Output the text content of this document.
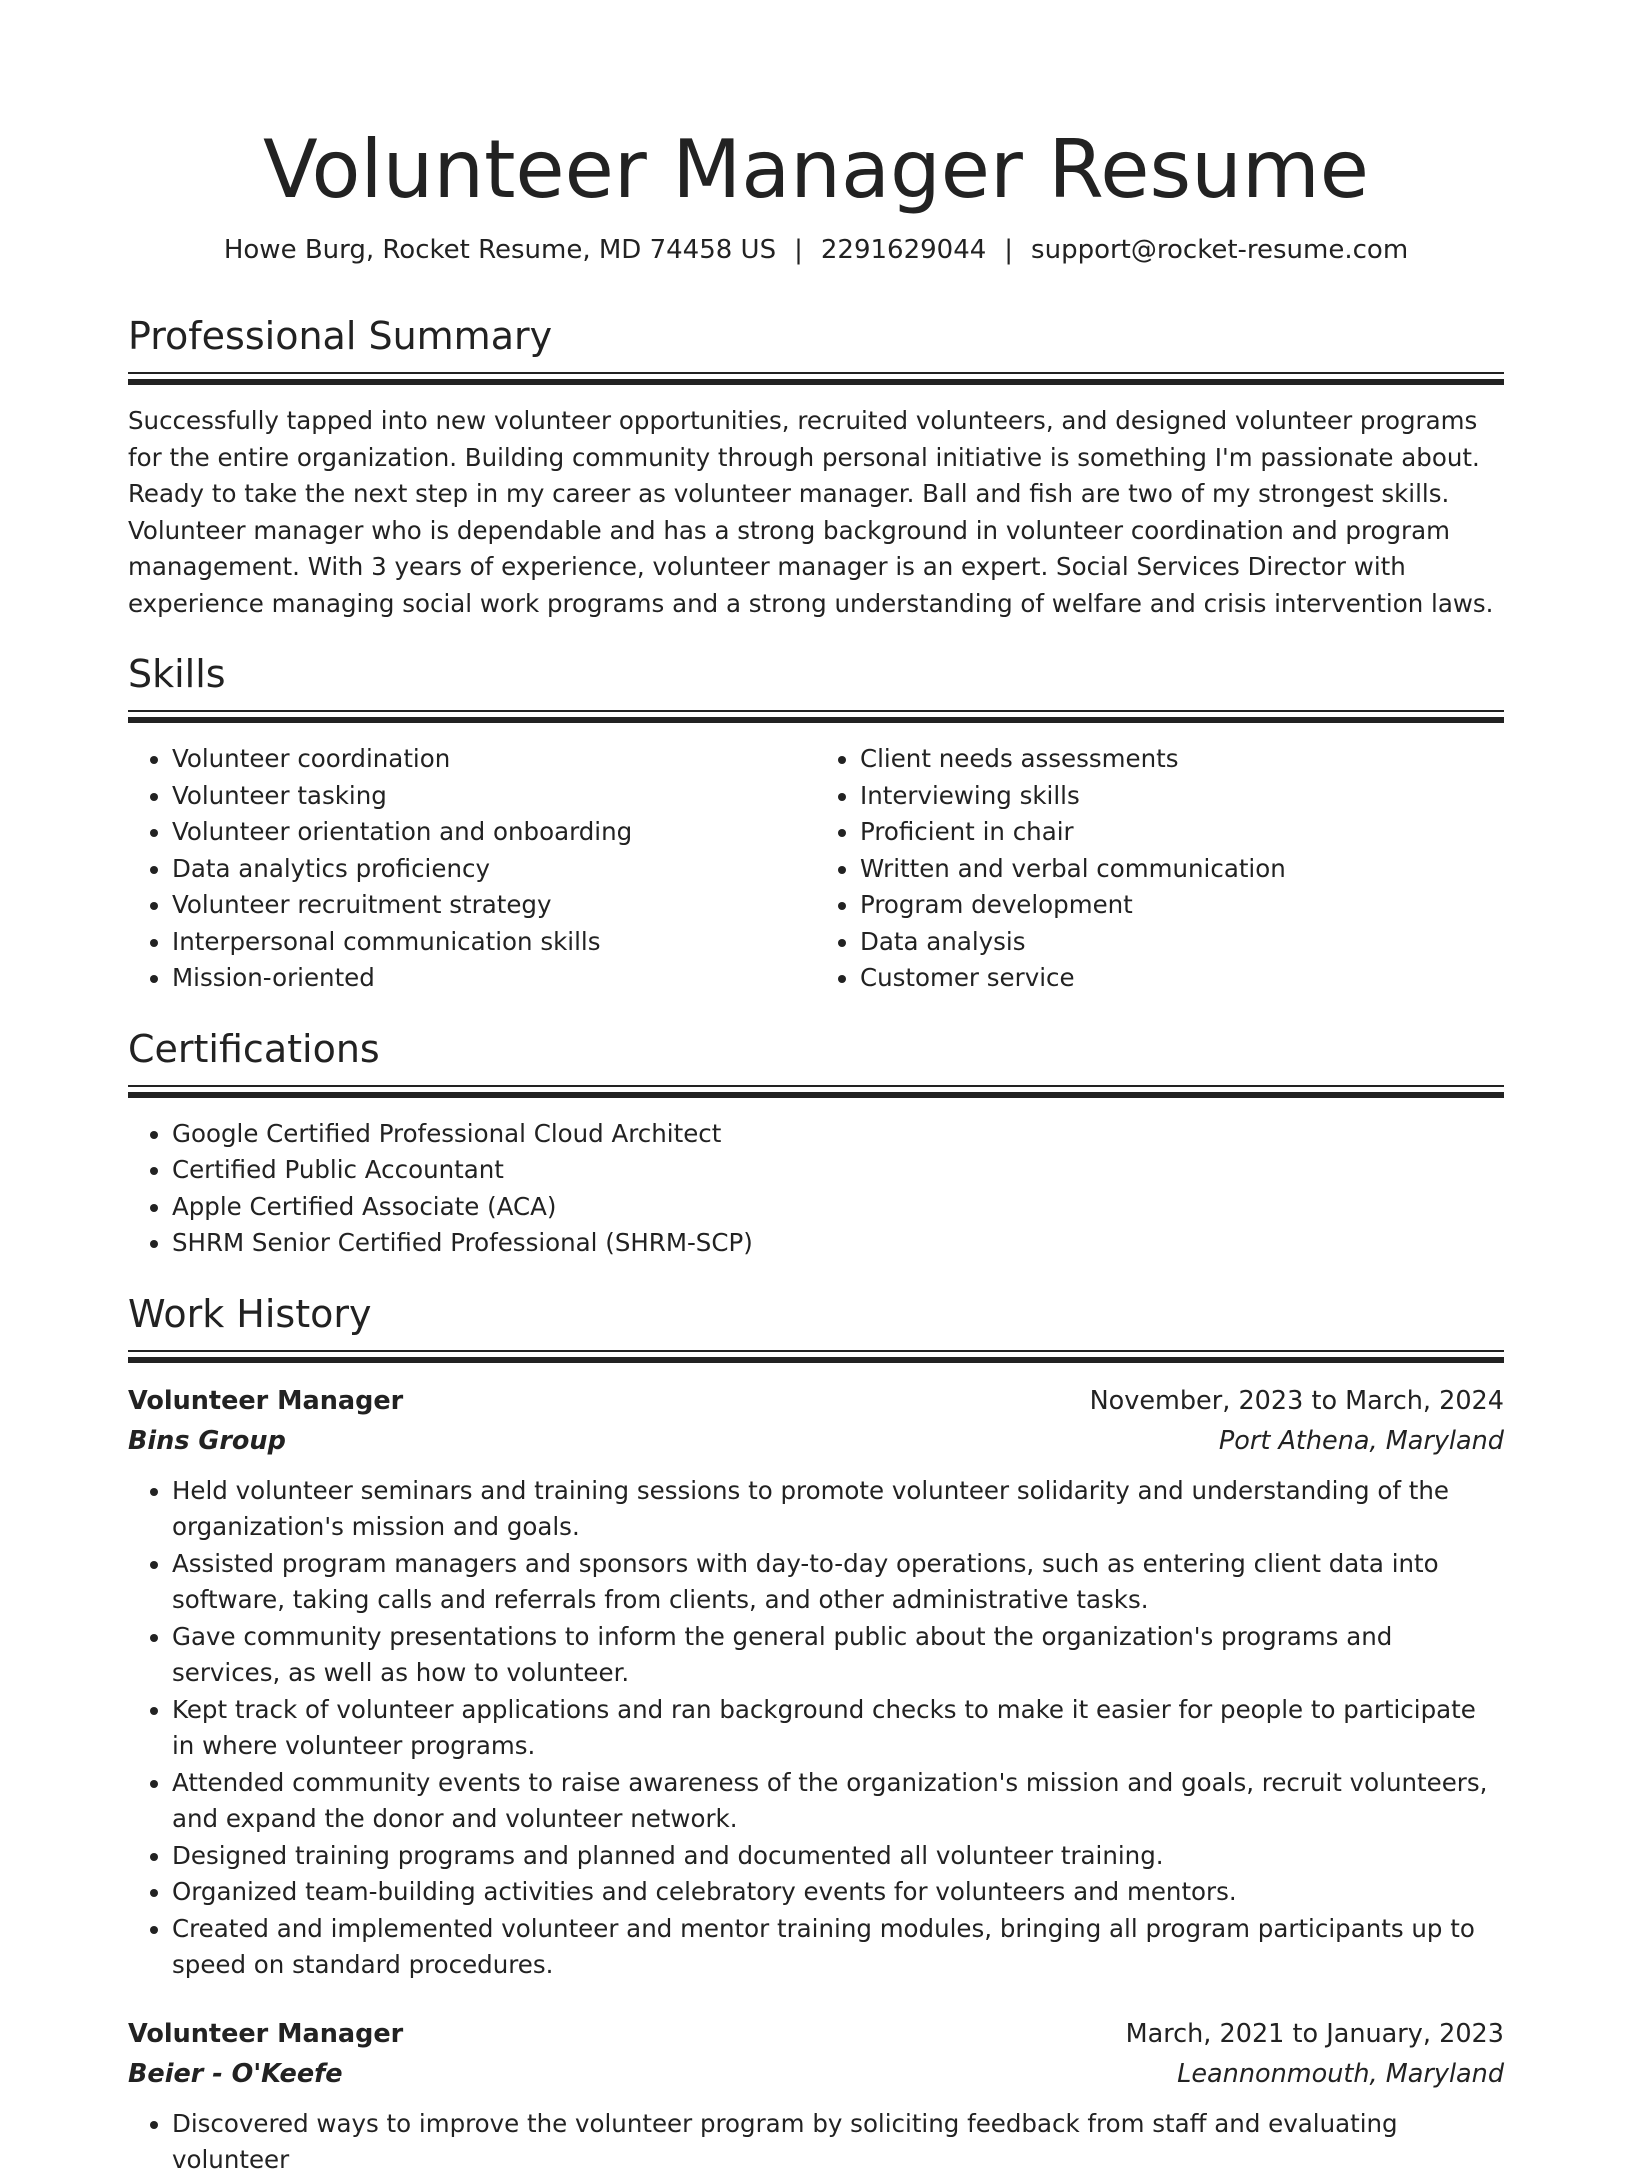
Volunteer Manager Resume
Howe Burg, Rocket Resume, MD 74458 US | 2291629044 | support@rocket-resume.com
Professional Summary

Successfully tapped into new volunteer opportunities, recruited volunteers, and designed volunteer programs for the entire organization. Building community through personal initiative is something I'm passionate about. Ready to take the next step in my career as volunteer manager. Ball and fish are two of my strongest skills. Volunteer manager who is dependable and has a strong background in volunteer coordination and program management. With 3 years of experience, volunteer manager is an expert. Social Services Director with experience managing social work programs and a strong understanding of welfare and crisis intervention laws.

Skills
• Volunteer coordination
• Volunteer tasking
• Volunteer orientation and onboarding
• Data analytics proficiency
• Volunteer recruitment strategy
• Interpersonal communication skills
• Mission-oriented
• Client needs assessments
• Interviewing skills
• Proficient in chair
• Written and verbal communication
• Program development
• Data analysis
• Customer service
Certifications
• Google Certified Professional Cloud Architect
• Certified Public Accountant
• Apple Certified Associate (ACA)
• SHRM Senior Certified Professional (SHRM-SCP)
Work History
Volunteer Manager	November, 2023 to March, 2024
Bins Group	Port Athena, Maryland
• Held volunteer seminars and training sessions to promote volunteer solidarity and understanding of the organization's mission and goals.
• Assisted program managers and sponsors with day-to-day operations, such as entering client data into software, taking calls and referrals from clients, and other administrative tasks.
• Gave community presentations to inform the general public about the organization's programs and services, as well as how to volunteer.
• Kept track of volunteer applications and ran background checks to make it easier for people to participate in where volunteer programs.
• Attended community events to raise awareness of the organization's mission and goals, recruit volunteers, and expand the donor and volunteer network.
• Designed training programs and planned and documented all volunteer training.
• Organized team-building activities and celebratory events for volunteers and mentors.
• Created and implemented volunteer and mentor training modules, bringing all program participants up to speed on standard procedures.
Volunteer Manager	March, 2021 to January, 2023
Beier - O'Keefe	Leannonmouth, Maryland
• Discovered ways to improve the volunteer program by soliciting feedback from staff and evaluating volunteer
